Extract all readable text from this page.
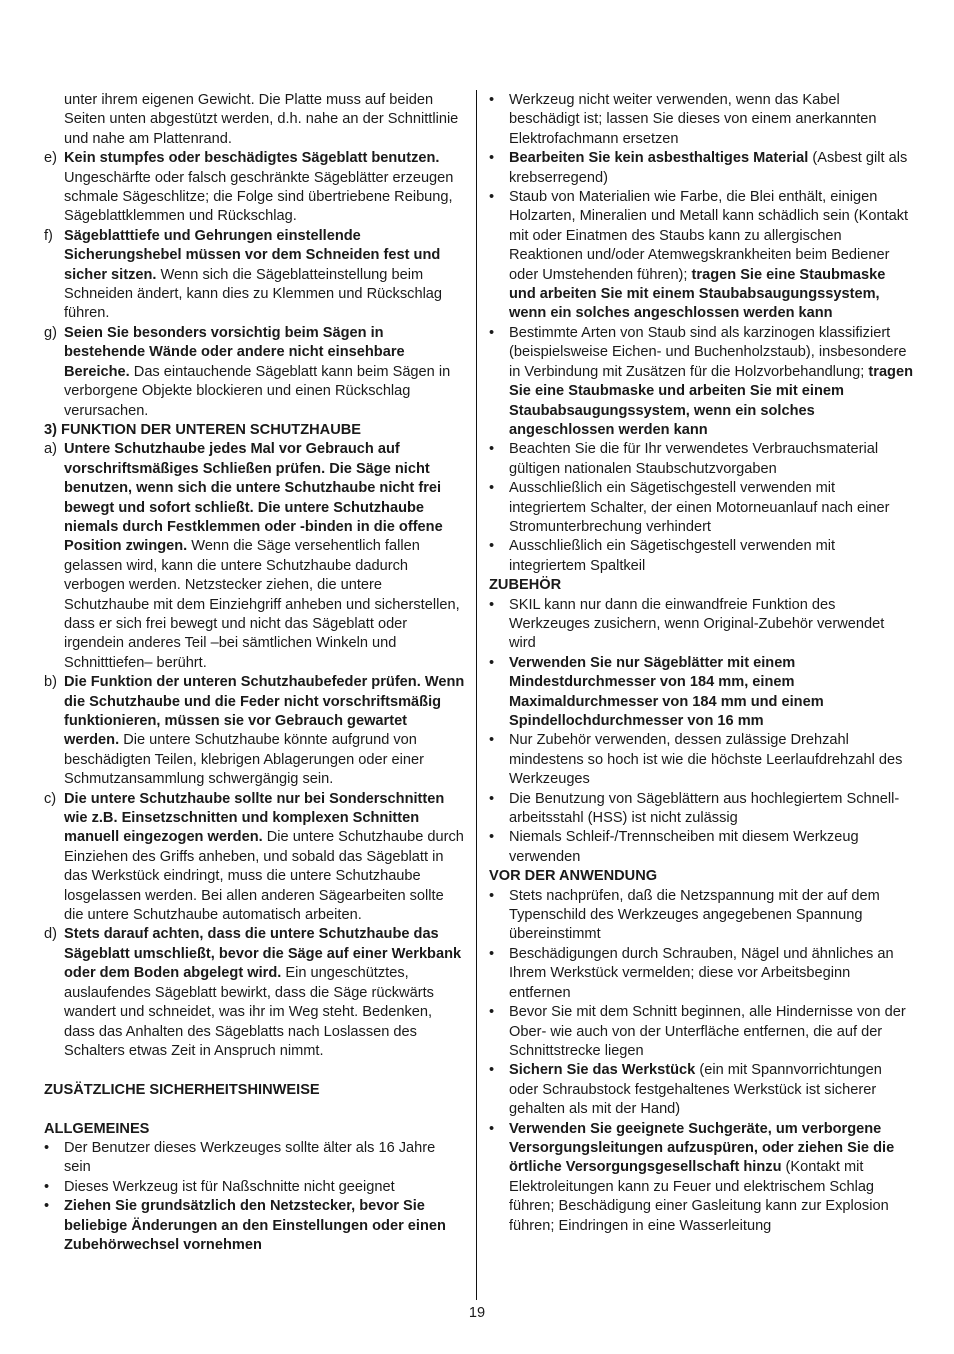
unter ihrem eigenen Gewicht. Die Platte muss auf beiden Seiten unten abgestützt werden, d.h. nahe an der Schnittlinie und nahe am Plattenrand.
e) Kein stumpfes oder beschädigtes Sägeblatt benutzen. Ungeschärfte oder falsch geschränkte Sägeblätter erzeugen schmale Sägeschlitze; die Folge sind übertriebene Reibung, Sägeblattklemmen und Rückschlag.
f) Sägeblatttiefe und Gehrungen einstellende Sicherungshebel müssen vor dem Schneiden fest und sicher sitzen. Wenn sich die Sägeblatteinstellung beim Schneiden ändert, kann dies zu Klemmen und Rückschlag führen.
g) Seien Sie besonders vorsichtig beim Sägen in bestehende Wände oder andere nicht einsehbare Bereiche. Das eintauchende Sägeblatt kann beim Sägen in verborgene Objekte blockieren und einen Rückschlag verursachen.
3) FUNKTION DER UNTEREN SCHUTZHAUBE
a) Untere Schutzhaube jedes Mal vor Gebrauch auf vorschriftsmäßiges Schließen prüfen. Die Säge nicht benutzen, wenn sich die untere Schutzhaube nicht frei bewegt und sofort schließt. Die untere Schutzhaube niemals durch Festklemmen oder -binden in die offene Position zwingen. Wenn die Säge versehentlich fallen gelassen wird, kann die untere Schutzhaube dadurch verbogen werden. Netzstecker ziehen, die untere Schutzhaube mit dem Einziehgriff anheben und sicherstellen, dass er sich frei bewegt und nicht das Sägeblatt oder irgendein anderes Teil –bei sämtlichen Winkeln und Schnitttiefen– berührt.
b) Die Funktion der unteren Schutzhaubefeder prüfen. Wenn die Schutzhaube und die Feder nicht vorschriftsmäßig funktionieren, müssen sie vor Gebrauch gewartet werden. Die untere Schutzhaube könnte aufgrund von beschädigten Teilen, klebrigen Ablagerungen oder einer Schmutzansammlung schwergängig sein.
c) Die untere Schutzhaube sollte nur bei Sonderschnitten wie z.B. Einsetzschnitten und komplexen Schnitten manuell eingezogen werden. Die untere Schutzhaube durch Einziehen des Griffs anheben, und sobald das Sägeblatt in das Werkstück eindringt, muss die untere Schutzhaube losgelassen werden. Bei allen anderen Sägearbeiten sollte die untere Schutzhaube automatisch arbeiten.
d) Stets darauf achten, dass die untere Schutzhaube das Sägeblatt umschließt, bevor die Säge auf einer Werkbank oder dem Boden abgelegt wird. Ein ungeschütztes, auslaufendes Sägeblatt bewirkt, dass die Säge rückwärts wandert und schneidet, was ihr im Weg steht. Bedenken, dass das Anhalten des Sägeblatts nach Loslassen des Schalters etwas Zeit in Anspruch nimmt.
ZUSÄTZLICHE SICHERHEITSHINWEISE
ALLGEMEINES
• Der Benutzer dieses Werkzeuges sollte älter als 16 Jahre sein
• Dieses Werkzeug ist für Naßschnitte nicht geeignet
• Ziehen Sie grundsätzlich den Netzstecker, bevor Sie beliebige Änderungen an den Einstellungen oder einen Zubehörwechsel vornehmen
• Werkzeug nicht weiter verwenden, wenn das Kabel beschädigt ist; lassen Sie dieses von einem anerkannten Elektrofachmann ersetzen
• Bearbeiten Sie kein asbesthaltiges Material (Asbest gilt als krebserregend)
• Staub von Materialien wie Farbe, die Blei enthält, einigen Holzarten, Mineralien und Metall kann schädlich sein (Kontakt mit oder Einatmen des Staubs kann zu allergischen Reaktionen und/oder Atemwegskrankheiten beim Bediener oder Umstehenden führen); tragen Sie eine Staubmaske und arbeiten Sie mit einem Staubabsaugungssystem, wenn ein solches angeschlossen werden kann
• Bestimmte Arten von Staub sind als karzinogen klassifiziert (beispielsweise Eichen- und Buchenholzstaub), insbesondere in Verbindung mit Zusätzen für die Holzvorbehandlung; tragen Sie eine Staubmaske und arbeiten Sie mit einem Staubabsaugungssystem, wenn ein solches angeschlossen werden kann
• Beachten Sie die für Ihr verwendetes Verbrauchsmaterial gültigen nationalen Staubschutzvorgaben
• Ausschließlich ein Sägetischgestell verwenden mit integriertem Schalter, der einen Motorneuanlauf nach einer Stromunterbrechung verhindert
• Ausschließlich ein Sägetischgestell verwenden mit integriertem Spaltkeil
ZUBEHÖR
• SKIL kann nur dann die einwandfreie Funktion des Werkzeuges zusichern, wenn Original-Zubehör verwendet wird
• Verwenden Sie nur Sägeblätter mit einem Mindestdurchmesser von 184 mm, einem Maximaldurchmesser von 184 mm und einem Spindellochdurchmesser von 16 mm
• Nur Zubehör verwenden, dessen zulässige Drehzahl mindestens so hoch ist wie die höchste Leerlaufdrehzahl des Werkzeuges
• Die Benutzung von Sägeblättern aus hochlegiertem Schnell- arbeitsstahl (HSS) ist nicht zulässig
• Niemals Schleif-/Trennscheiben mit diesem Werkzeug verwenden
VOR DER ANWENDUNG
• Stets nachprüfen, daß die Netzspannung mit der auf dem Typenschild des Werkzeuges angegebenen Spannung übereinstimmt
• Beschädigungen durch Schrauben, Nägel und ähnliches an Ihrem Werkstück vermelden; diese vor Arbeitsbeginn entfernen
• Bevor Sie mit dem Schnitt beginnen, alle Hindernisse von der Ober- wie auch von der Unterfläche entfernen, die auf der Schnittstrecke liegen
• Sichern Sie das Werkstück (ein mit Spannvorrichtungen oder Schraubstock festgehaltenes Werkstück ist sicherer gehalten als mit der Hand)
• Verwenden Sie geeignete Suchgeräte, um verborgene Versorgungsleitungen aufzuspüren, oder ziehen Sie die örtliche Versorgungsgesellschaft hinzu (Kontakt mit Elektroleitungen kann zu Feuer und elektrischem Schlag führen; Beschädigung einer Gasleitung kann zur Explosion führen; Eindringen in eine Wasserleitung
19
